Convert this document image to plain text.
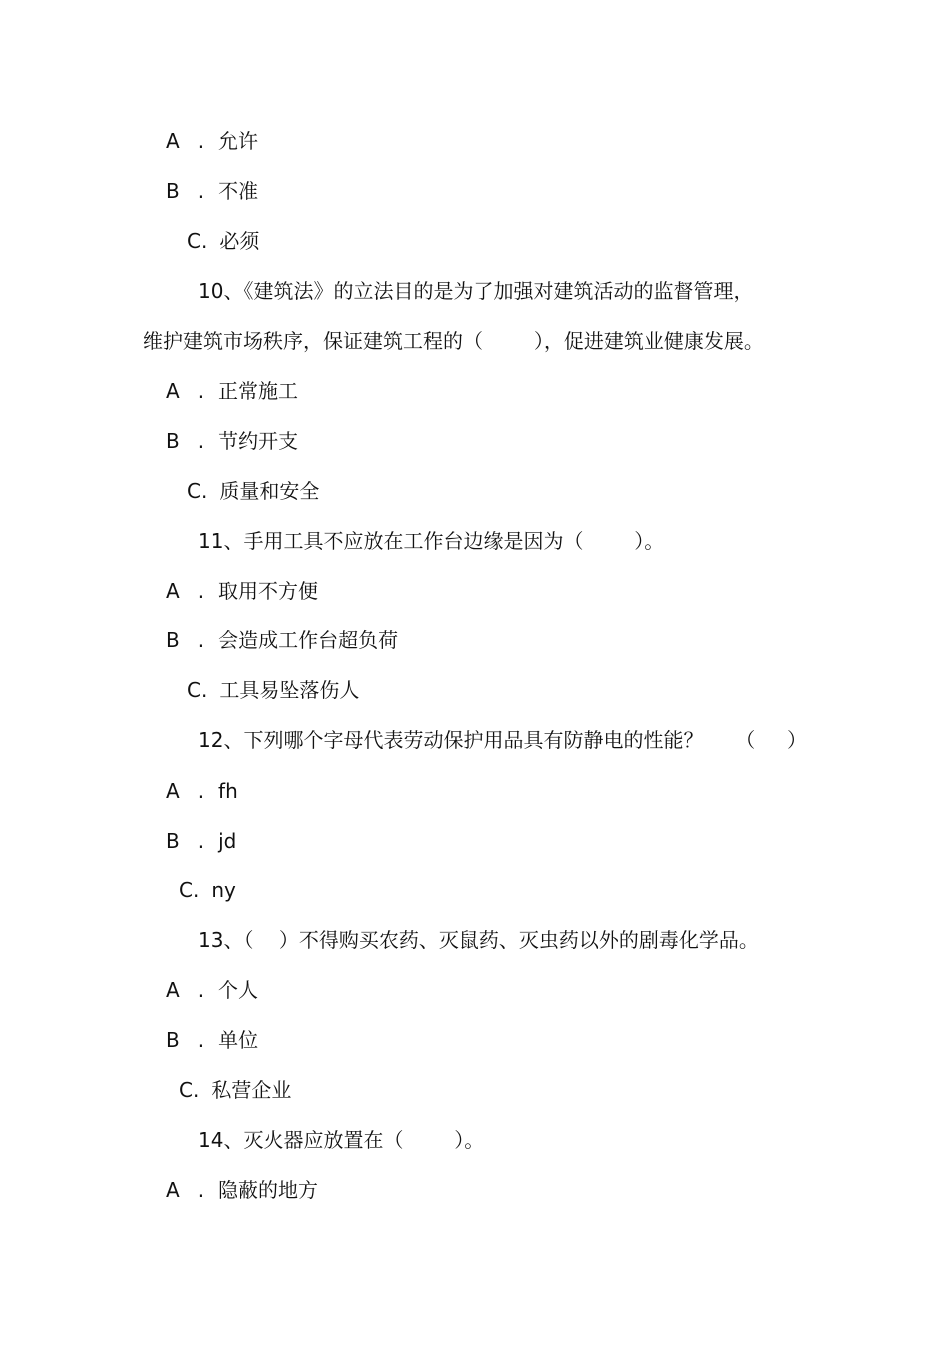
A . 允许

B . 不准

C. 必须

10、《建筑法》的立法目的是为了加强对建筑活动的监督管理，

维护建筑市场秩序，保证建筑工程的（        ），促进建筑业健康发展。

A . 正常施工

B . 节约开支

C. 质量和安全

11、手用工具不应放在工作台边缘是因为（        ）。

A . 取用不方便

B . 会造成工作台超负荷

C. 工具易坠落伤人

12、下列哪个字母代表劳动保护用品具有防静电的性能？     （     ）

A . fh

B . jd

C. ny

13、（    ）不得购买农药、灭鼠药、灭虫药以外的剧毒化学品。

A . 个人

B . 单位

C. 私营企业

14、灭火器应放置在（        ）。

A . 隐蔽的地方
